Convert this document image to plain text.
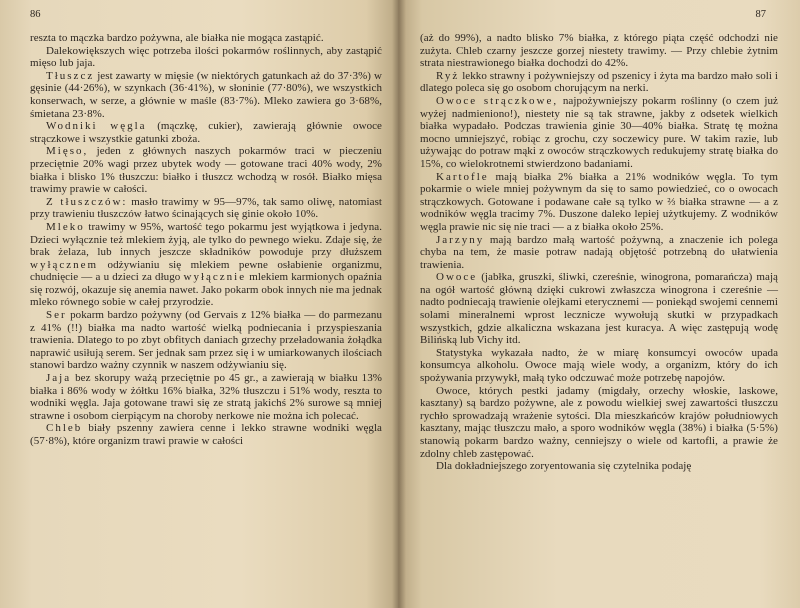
86

reszta to mączka bardzo pożywna, ale białka nie mogąca zastąpić.

Dalekowiększych więc potrzeba ilości pokarmów roślinnych, aby zastąpić mięso lub jaja.

Tłuszcz jest zawarty w mięsie (w niektórych gatunkach aż do 37·3%) w gęsinie (44·26%), w szynkach (36·41%), w słoninie (77·80%), we wszystkich konserwach, w serze, a głównie w maśle (83·7%). Mleko zawiera go 3·68%, śmietana 23·8%.

Wodniki węgla (mączkę, cukier), zawierają głównie owoce strączkowe i wszystkie gatunki zboża.

Mięso, jeden z głównych naszych pokarmów traci w pieczeniu przeciętnie 20% wagi przez ubytek wody — gotowane traci 40% wody, 2% białka i blisko 1% tłuszczu: białko i tłuszcz wchodzą w rosół. Białko mięsa trawimy prawie w całości.

Z tłuszczów: masło trawimy w 95—97%, tak samo oliwę, natomiast przy trawieniu tłuszczów łatwo ścinających się ginie około 10%.

Mleko trawimy w 95%, wartość tego pokarmu jest wyjątkowa i jedyna. Dzieci wyłącznie też mlekiem żyją, ale tylko do pewnego wieku. Zdaje się, że brak żelaza, lub innych jeszcze składników powoduje przy dłuższem wyłącznem odżywianiu się mlekiem pewne osłabienie organizmu, chudnięcie — a u dzieci za długo wyłącznie mlekiem karmionych opaźnia się rozwój, okazuje się anemia nawet. Jako pokarm obok innych nie ma jednak mleko równego sobie w całej przyrodzie.

Ser pokarm bardzo pożywny (od Gervais z 12% białka — do parmezanu z 41% (!!) białka ma nadto wartość wielką podniecania i przyspieszania trawienia. Dlatego to po zbyt obfitych daniach grzechy przeładowania żołądka naprawić usiłują serem. Ser jednak sam przez się i w umiarkowanych ilościach stanowi bardzo ważny czynnik w naszem odżywianiu się.

Jaja bez skorupy ważą przeciętnie po 45 gr., a zawierają w białku 13% białka i 86% wody w żółtku 16% białka, 32% tłuszczu i 51% wody, reszta to wodniki węgla. Jaja gotowane trawi się ze stratą jakichś 2% surowe są mniej strawne i osobom cierpiącym na choroby nerkowe nie można ich polecać.

Chleb biały pszenny zawiera cenne i lekko strawne wodniki węgla (57·8%), które organizm trawi prawie w całości

87

(aż do 99%), a nadto blisko 7% białka, z którego piąta część odchodzi nie zużyta. Chleb czarny jeszcze gorzej niestety trawimy. — Przy chlebie żytnim strata niestrawionego białka dochodzi do 42%.

Ryż lekko strawny i pożywniejszy od pszenicy i żyta ma bardzo mało soli i dlatego poleca się go osobom chorującym na nerki.

Owoce strączkowe, najpożywniejszy pokarm roślinny (o czem już wyżej nadmieniono!), niestety nie są tak strawne, jakby z odsetek wielkich białka wypadało. Podczas trawienia ginie 30—40% białka. Stratę tę można mocno umniejszyć, robiąc z grochu, czy soczewicy pure. W takim razie, lub używając do potraw mąki z owoców strączkowych redukujemy stratę białka do 15%, co wielokrotnemi stwierdzono badaniami.

Kartofle mają białka 2% białka a 21% wodników węgla. To tym pokarmie o wiele mniej pożywnym da się to samo powiedzieć, co o owocach strączkowych. Gotowane i podawane całe są tylko w ⅔ białka strawne — a z wodników węgla tracimy 7%. Duszone daleko lepiej użytkujemy. Z wodników węgla prawie nic się nie traci — a z białka około 25%.

Jarzyny mają bardzo małą wartość pożywną, a znaczenie ich polega chyba na tem, że masie potraw nadają objętość potrzebną do ułatwienia trawienia.

Owoce (jabłka, gruszki, śliwki, czereśnie, winogrona, pomarańcza) mają na ogół wartość główną dzięki cukrowi zwłaszcza winogrona i czereśnie — nadto podniecają trawienie olejkami eterycznemi — poniekąd swojemi cennemi solami mineralnemi wprost lecznicze wywołują skutki w przypadkach wszystkich, gdzie alkaliczna wskazana jest kuracya. A więc zastępują wodę Bilińską lub Vichy itd.

Statystyka wykazała nadto, że w miarę konsumcyi owoców upada konsumcya alkoholu. Owoce mają wiele wody, a organizm, który do ich spożywania przywykł, małą tyko odczuwać może potrzebę napojów.

Owoce, których pestki jadamy (migdały, orzechy włoskie, laskowe, kasztany) są bardzo pożywne, ale z powodu wielkiej swej zawartości tłuszczu rychło sprowadzają wrażenie sytości. Dla mieszkańców krajów południowych kasztany, mając tłuszczu mało, a sporo wodników węgla (38%) i białka (5·5%) stanowią pokarm bardzo ważny, cenniejszy o wiele od kartofli, a prawie że zdolny chleb zastępować.

Dla dokładniejszego zoryentowania się czytelnika podaję
